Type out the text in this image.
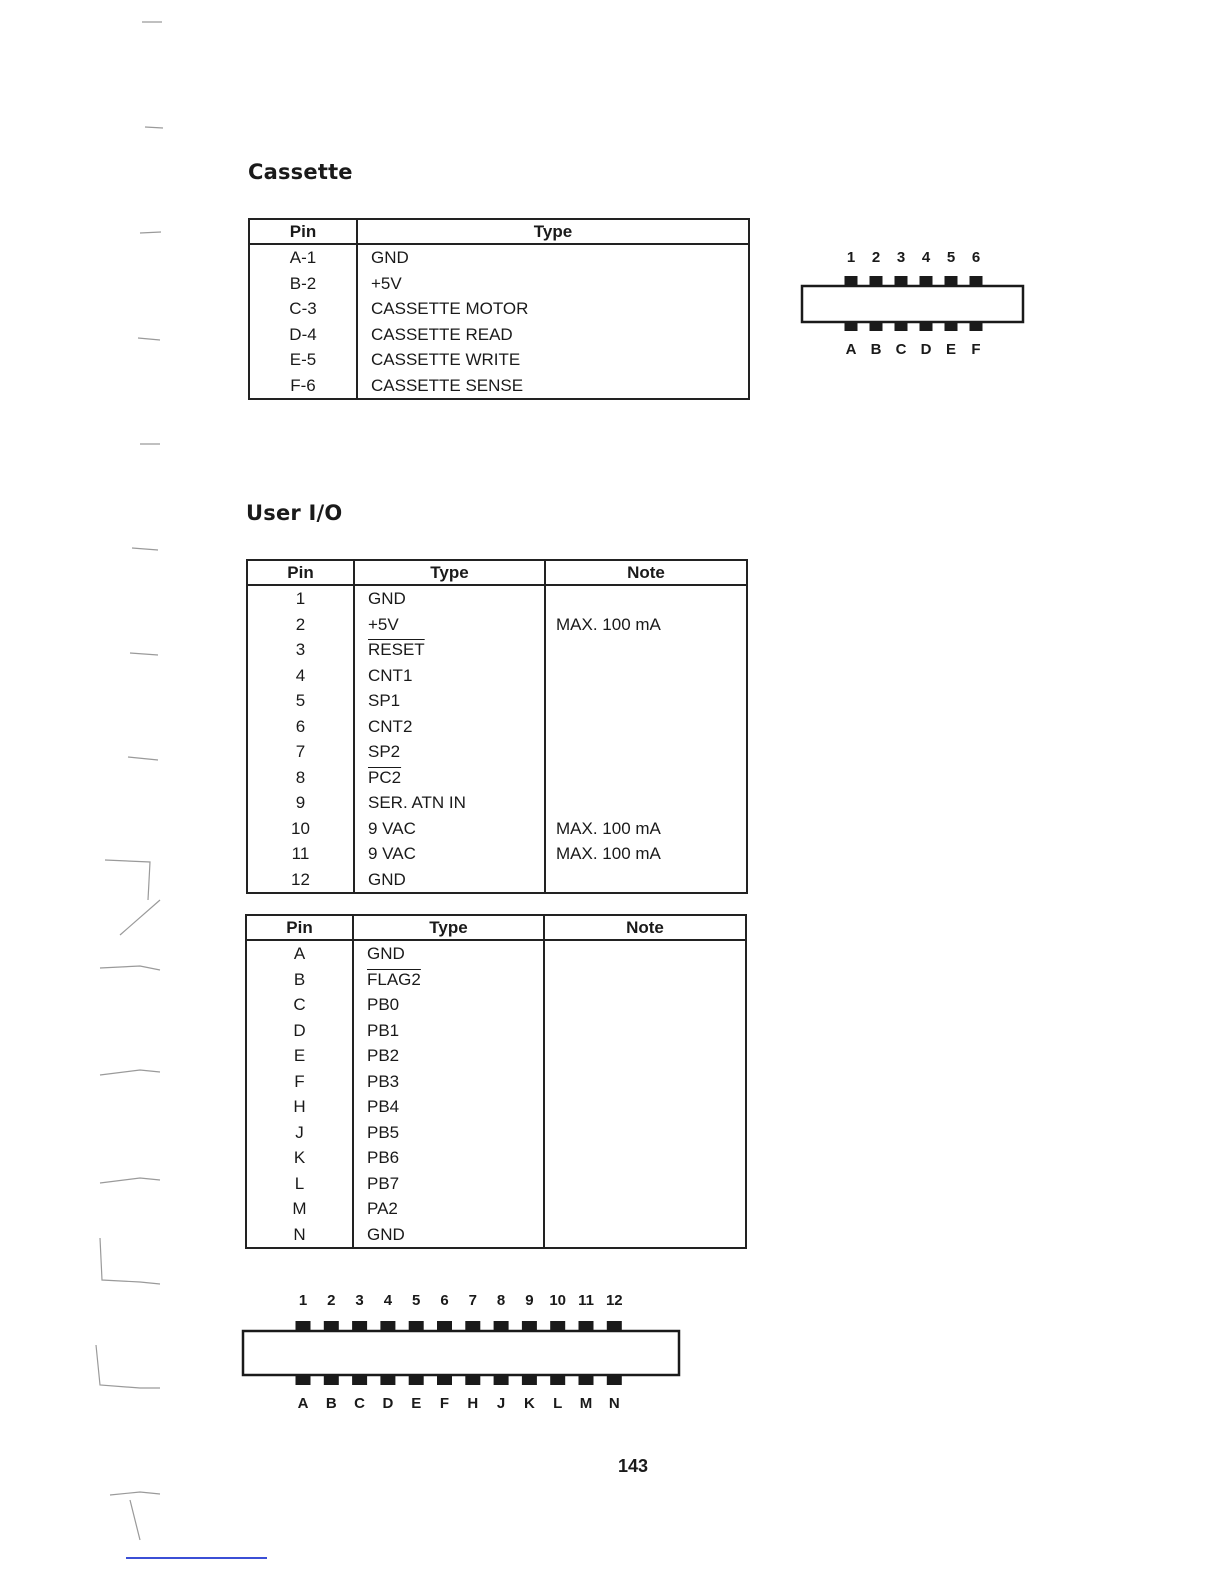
Cassette
Pin	Type
A-1	GND
B-2	+5V
C-3	CASSETTE MOTOR
D-4	CASSETTE READ
E-5	CASSETTE WRITE
F-6	CASSETTE SENSE
1 2 3 4 5 6
A B C D E F
User I/O
Pin	Type	Note
1	GND	
2	+5V	MAX. 100 mA
3	RESET	
4	CNT1	
5	SP1	
6	CNT2	
7	SP2	
8	PC2	
9	SER. ATN IN	
10	9 VAC	MAX. 100 mA
11	9 VAC	MAX. 100 mA
12	GND	
Pin	Type	Note
A	GND	
B	FLAG2	
C	PB0	
D	PB1	
E	PB2	
F	PB3	
H	PB4	
J	PB5	
K	PB6	
L	PB7	
M	PA2	
N	GND	
1 2 3 4 5 6 7 8 9 10 11 12
A B C D E F H J K L M N

143
